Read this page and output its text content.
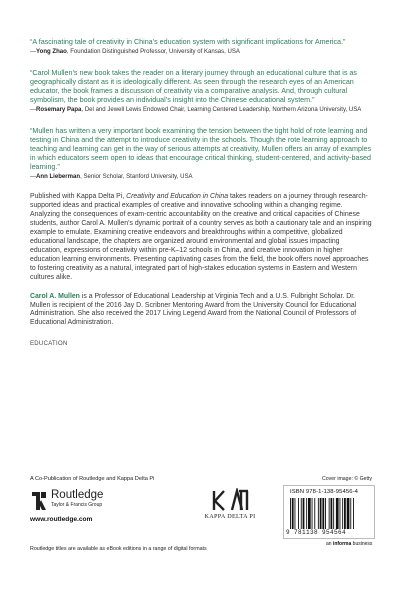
“A fascinating tale of creativity in China’s education system with significant implications for America.”

—Yong Zhao, Foundation Distinguished Professor, University of Kansas, USA

“Carol Mullen’s new book takes the reader on a literary journey through an educational culture that is as geographically distant as it is ideologically different. As seen through the research eyes of an American educator, the book frames a discussion of creativity via a comparative analysis. And, through cultural symbolism, the book provides an individual’s insight into the Chinese educational system.”

—Rosemary Papa, Del and Jewell Lewis Endowed Chair, Learning Centered Leadership, Northern Arizona University, USA

“Mullen has written a very important book examining the tension between the tight hold of rote learning and testing in China and the attempt to introduce creativity in the schools. Though the rote learning approach to teaching and learning can get in the way of serious attempts at creativity, Mullen offers an array of examples in which educators seem open to ideas that encourage critical thinking, student-centered, and activity-based learning.”

—Ann Lieberman, Senior Scholar, Stanford University, USA

Published with Kappa Delta Pi, Creativity and Education in China takes readers on a journey through research-supported ideas and practical examples of creative and innovative schooling within a changing regime. Analyzing the consequences of exam-centric accountability on the creative and critical capacities of Chinese students, author Carol A. Mullen’s dynamic portrait of a country serves as both a cautionary tale and an inspiring example to emulate. Examining creative endeavors and breakthroughs within a competitive, globalized educational landscape, the chapters are organized around environmental and global issues impacting education, expressions of creativity within pre-K–12 schools in China, and creative innovation in higher education learning environments. Presenting captivating cases from the field, the book offers novel approaches to fostering creativity as a natural, integrated part of high-stakes education systems in Eastern and Western cultures alike.

Carol A. Mullen is a Professor of Educational Leadership at Virginia Tech and a U.S. Fulbright Scholar. Dr. Mullen is recipient of the 2016 Jay D. Scribner Mentoring Award from the University Council for Educational Administration. She also received the 2017 Living Legend Award from the National Council of Professors of Educational Administration.

EDUCATION
A Co-Publication of Routledge and Kappa Delta Pi	Cover image: © Getty
Routledge
Taylor & Francis Group
www.routledge.com	KAPPA DELTA PI
ISBN 978-1-138-95456-4
9 781138 954564
an informa business
Routledge titles are available as eBook editions in a range of digital formats
